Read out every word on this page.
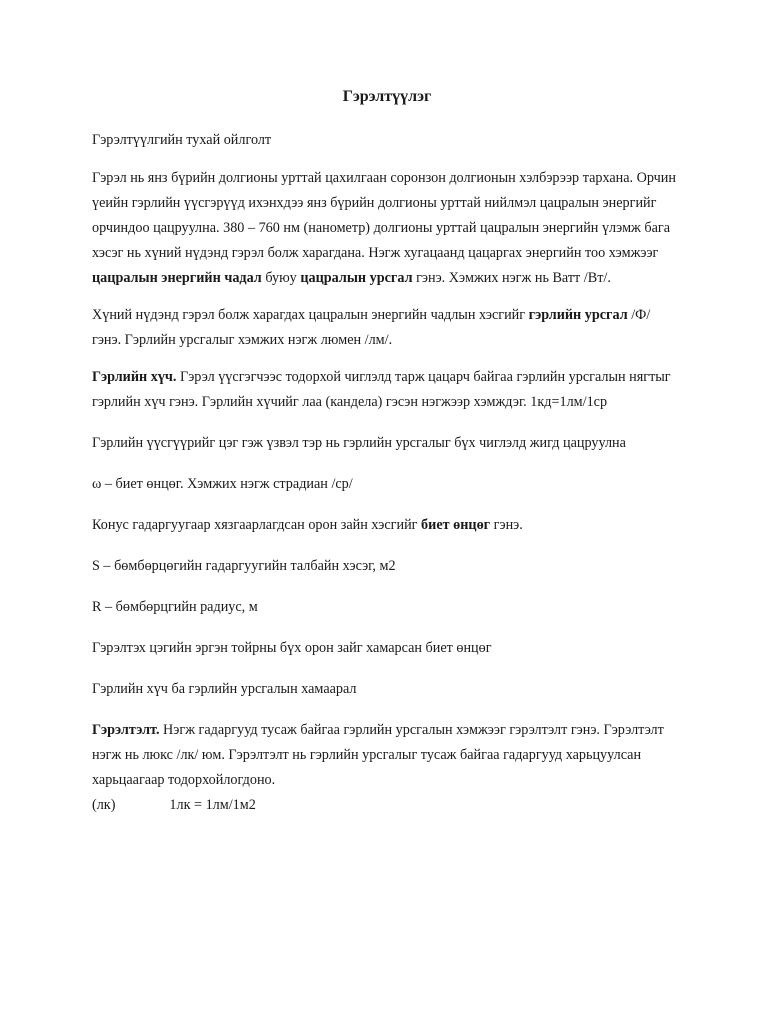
Гэрэлтүүлэг
Гэрэлтүүлгийн тухай ойлголт

Гэрэл нь янз бүрийн долгионы урттай цахилгаан соронзон долгионын хэлбэрээр тархана. Орчин үеийн гэрлийн үүсгэрүүд ихэнхдээ янз бүрийн долгионы урттай нийлмэл цацралын энергийг орчиндоо цацруулна. 380 – 760 нм (нанометр) долгионы урттай цацралын энергийн үлэмж бага хэсэг нь хүний нүдэнд гэрэл болж харагдана. Нэгж хугацаанд цацаргах энергийн тоо хэмжээг цацралын энергийн чадал буюу цацралын урсгал гэнэ. Хэмжих нэгж нь Ватт /Вт/.

Хүний нүдэнд гэрэл болж харагдах цацралын энергийн чадлын хэсгийг гэрлийн урсгал /Ф/ гэнэ. Гэрлийн урсгалыг хэмжих нэгж люмен /лм/.

Гэрлийн хүч. Гэрэл үүсгэгчээс тодорхой чиглэлд тарж цацарч байгаа гэрлийн урсгалын нягтыг гэрлийн хүч гэнэ. Гэрлийн хүчийг лаа (кандела) гэсэн нэгжээр хэмждэг. 1кд=1лм/1ср

Гэрлийн үүсгүүрийг цэг гэж үзвэл тэр нь гэрлийн урсгалыг бүх чиглэлд жигд цацруулна

ω – биет өнцөг. Хэмжих нэгж страдиан /ср/

Конус гадаргуугаар хязгаарлагдсан орон зайн хэсгийг биет өнцөг гэнэ.

S – бөмбөрцөгийн гадаргуугийн талбайн хэсэг, м2

R – бөмбөрцгийн радиус, м

Гэрэлтэх цэгийн эргэн тойрны бүх орон зайг хамарсан биет өнцөг

Гэрлийн хүч ба гэрлийн урсгалын хамаарал

Гэрэлтэлт. Нэгж гадаргууд тусаж байгаа гэрлийн урсгалын хэмжээг гэрэлтэлт гэнэ. Гэрэлтэлт нэгж нь люкс /лк/ юм. Гэрэлтэлт нь гэрлийн урсгалыг тусаж байгаа гадаргууд харьцуулсан харьцаагаар тодорхойлогдоно.

(лк)	1лк = 1лм/1м2
